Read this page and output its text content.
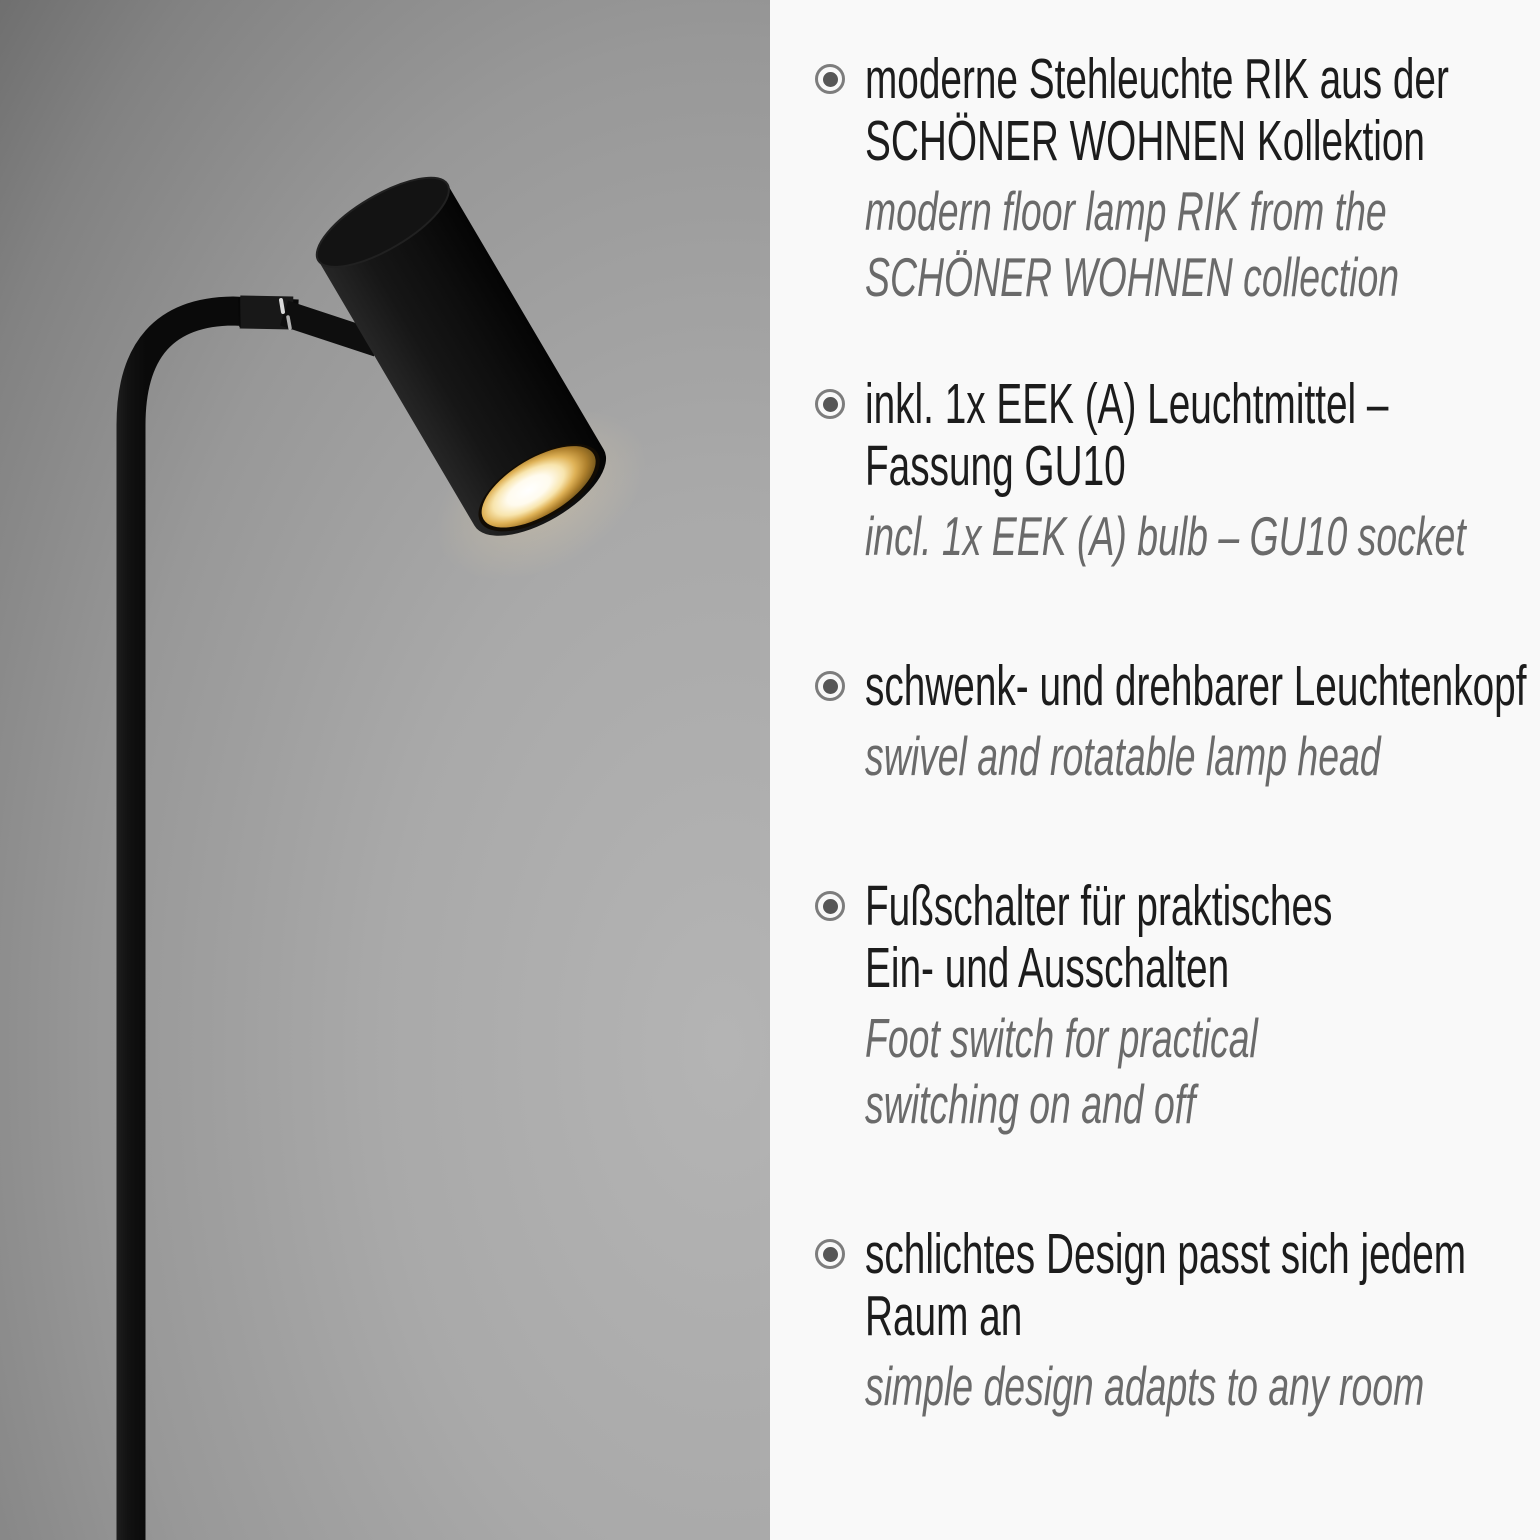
moderne Stehleuchte RIK aus der
SCHÖNER WOHNEN Kollektion

modern floor lamp RIK from the
SCHÖNER WOHNEN collection

inkl. 1x EEK (A) Leuchtmittel –
Fassung GU10

incl. 1x EEK (A) bulb – GU10 socket

schwenk- und drehbarer Leuchtenkopf

swivel and rotatable lamp head

Fußschalter für praktisches
Ein- und Ausschalten

Foot switch for practical
switching on and off

schlichtes Design passt sich jedem
Raum an

simple design adapts to any room
